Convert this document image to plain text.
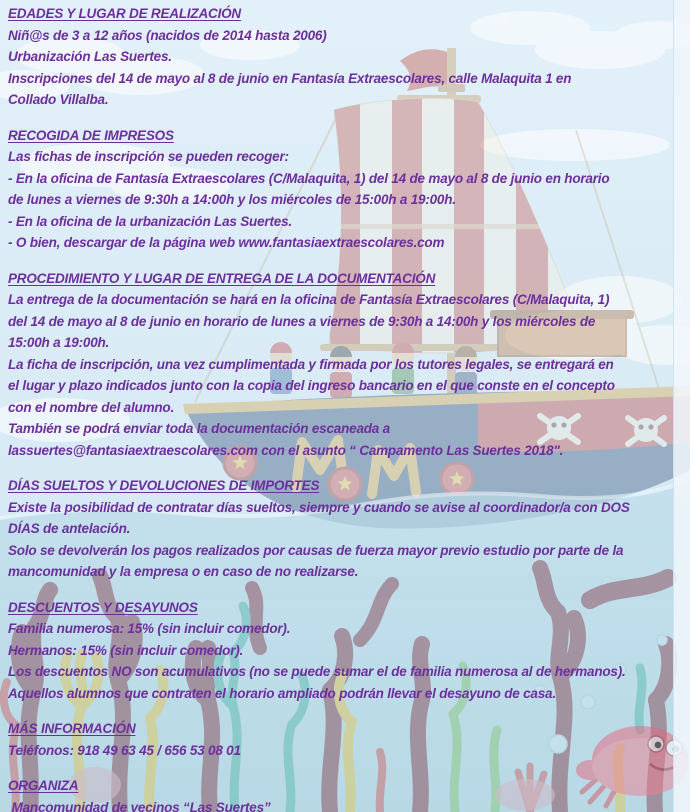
EDADES Y LUGAR DE REALIZACIÓN

Niñ@s de 3 a 12 años (nacidos de 2014 hasta 2006)

Urbanización Las Suertes.

Inscripciones del 14 de mayo al 8 de junio en Fantasía Extraescolares, calle Malaquita 1 en

Collado Villalba.

RECOGIDA DE IMPRESOS

Las fichas de inscripción se pueden recoger:

- En la oficina de Fantasía Extraescolares (C/Malaquita, 1) del 14 de mayo al 8 de junio en horario

de lunes a viernes de 9:30h a 14:00h y los miércoles de 15:00h a 19:00h.

- En la oficina de la urbanización Las Suertes.

- O bien, descargar de la página web www.fantasiaextraescolares.com

PROCEDIMIENTO Y LUGAR DE ENTREGA DE LA DOCUMENTACIÓN

La entrega de la documentación se hará en la oficina de Fantasía Extraescolares (C/Malaquita, 1)

del 14 de mayo al 8 de junio en horario de lunes a viernes de 9:30h a 14:00h y los miércoles de

15:00h a 19:00h.

La ficha de inscripción, una vez cumplimentada y firmada por los tutores legales, se entregará en

el lugar y plazo indicados junto con la copia del ingreso bancario en el que conste en el concepto

con el nombre del alumno.

También se podrá enviar toda la documentación escaneada a

lassuertes@fantasiaextraescolares.com con el asunto “ Campamento Las Suertes 2018".

DÍAS SUELTOS Y DEVOLUCIONES DE IMPORTES

Existe la posibilidad de contratar días sueltos, siempre y cuando se avise al coordinador/a con DOS

DÍAS de antelación.

Solo se devolverán los pagos realizados por causas de fuerza mayor previo estudio por parte de la

mancomunidad y la empresa o en caso de no realizarse.

DESCUENTOS Y DESAYUNOS

Familia numerosa: 15% (sin incluir comedor).

Hermanos: 15% (sin incluir comedor).

Los descuentos NO son acumulativos (no se puede sumar el de familia numerosa al de hermanos).

Aquellos alumnos que contraten el horario ampliado podrán llevar el desayuno de casa.

MÁS INFORMACIÓN

Teléfonos: 918 49 63 45 / 656 53 08 01

ORGANIZA

Mancomunidad de vecinos “Las Suertes”
